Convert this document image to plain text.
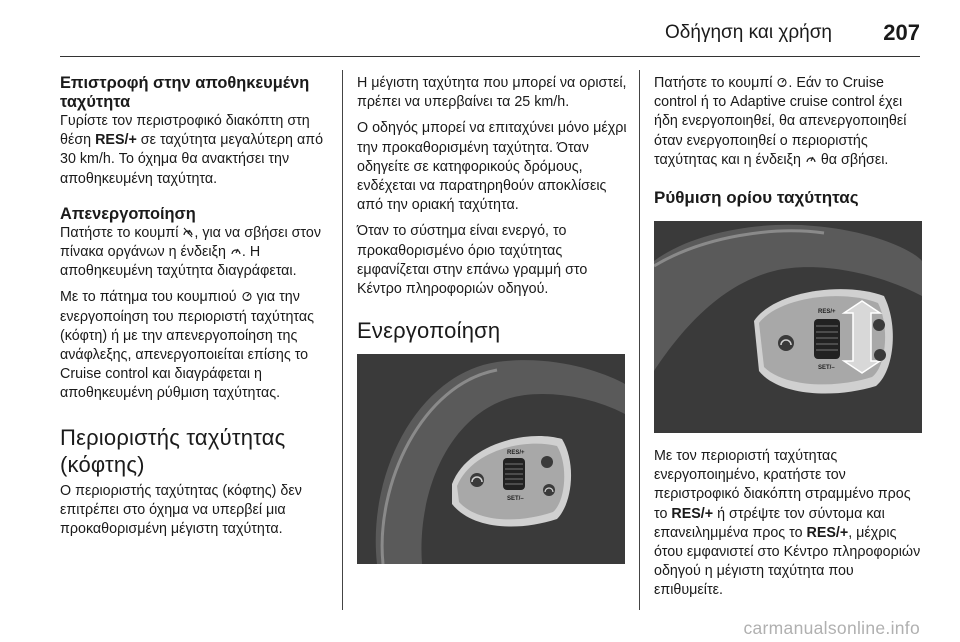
Οδήγηση και χρήση 207
Επιστροφή στην αποθηκευμένη ταχύτητα

Γυρίστε τον περιστροφικό διακόπτη στη θέση RES/+ σε ταχύτητα μεγαλύτερη από 30 km/h. Το όχημα θα ανακτήσει την αποθηκευμένη ταχύτητα.

Απενεργοποίηση

Πατήστε το κουμπί , για να σβήσει στον πίνακα οργάνων η ένδειξη . Η αποθηκευμένη ταχύτητα διαγράφεται.

Με το πάτημα του κουμπιού  για την ενεργοποίηση του περιοριστή ταχύτητας (κόφτη) ή με την απενεργοποίηση της ανάφλεξης, απενεργοποιείται επίσης το Cruise control και διαγράφεται η αποθηκευμένη ρύθμιση ταχύτητας.

Περιοριστής ταχύτητας (κόφτης)

Ο περιοριστής ταχύτητας (κόφτης) δεν επιτρέπει στο όχημα να υπερβεί μια προκαθορισμένη μέγιστη ταχύτητα.

Η μέγιστη ταχύτητα που μπορεί να οριστεί, πρέπει να υπερβαίνει τα 25 km/h.

Ο οδηγός μπορεί να επιταχύνει μόνο μέχρι την προκαθορισμένη ταχύτητα. Όταν οδηγείτε σε κατηφορικούς δρόμους, ενδέχεται να παρατηρηθούν αποκλίσεις από την οριακή ταχύτητα.

Όταν το σύστημα είναι ενεργό, το προκαθορισμένο όριο ταχύτητας εμφανίζεται στην επάνω γραμμή στο Κέντρο πληροφοριών οδηγού.

Ενεργοποίηση
RES/+
SET/–

Πατήστε το κουμπί . Εάν το Cruise control ή το Adaptive cruise control έχει ήδη ενεργοποιηθεί, θα απενεργοποιηθεί όταν ενεργοποιηθεί ο περιοριστής ταχύτητας και η ένδειξη  θα σβήσει.

Ρύθμιση ορίου ταχύτητας
RES/+
SET/–

Με τον περιοριστή ταχύτητας ενεργοποιημένο, κρατήστε τον περιστροφικό διακόπτη στραμμένο προς το RES/+ ή στρέψτε τον σύντομα και επανειλημμένα προς το RES/+, μέχρις ότου εμφανιστεί στο Κέντρο πληροφοριών οδηγού η μέγιστη ταχύτητα που επιθυμείτε.

carmanualsonline.info
